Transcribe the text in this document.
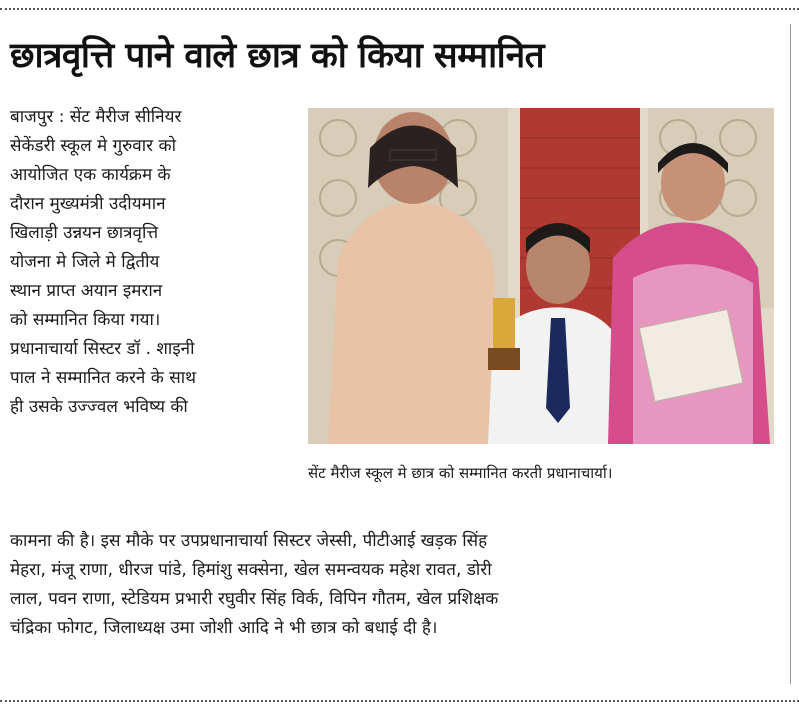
छात्रवृत्ति पाने वाले छात्र को किया सम्मानित
बाजपुर : सेंट मैरीज सीनियर
सेकेंडरी स्कूल मे गुरुवार को
आयोजित एक कार्यक्रम के
दौरान मुख्यमंत्री उदीयमान
खिलाड़ी उन्नयन छात्रवृत्ति
योजना मे जिले मे द्वितीय
स्थान प्राप्त अयान इमरान
को सम्मानित किया गया।
प्रधानाचार्या सिस्टर डॉ . शाइनी
पाल ने सम्मानित करने के साथ
ही उसके उज्ज्वल भविष्य की
सेंट मैरीज स्कूल मे छात्र को सम्मानित करती प्रधानाचार्या।
कामना की है। इस मौके पर उपप्रधानाचार्या सिस्टर जेस्सी, पीटीआई खड़क सिंह
मेहरा, मंजू राणा, धीरज पांडे, हिमांशु सक्सेना, खेल समन्वयक महेश रावत, डोरी
लाल, पवन राणा, स्टेडियम प्रभारी रघुवीर सिंह विर्क, विपिन गौतम, खेल प्रशिक्षक
चंद्रिका फोगट, जिलाध्यक्ष उमा जोशी आदि ने भी छात्र को बधाई दी है।
